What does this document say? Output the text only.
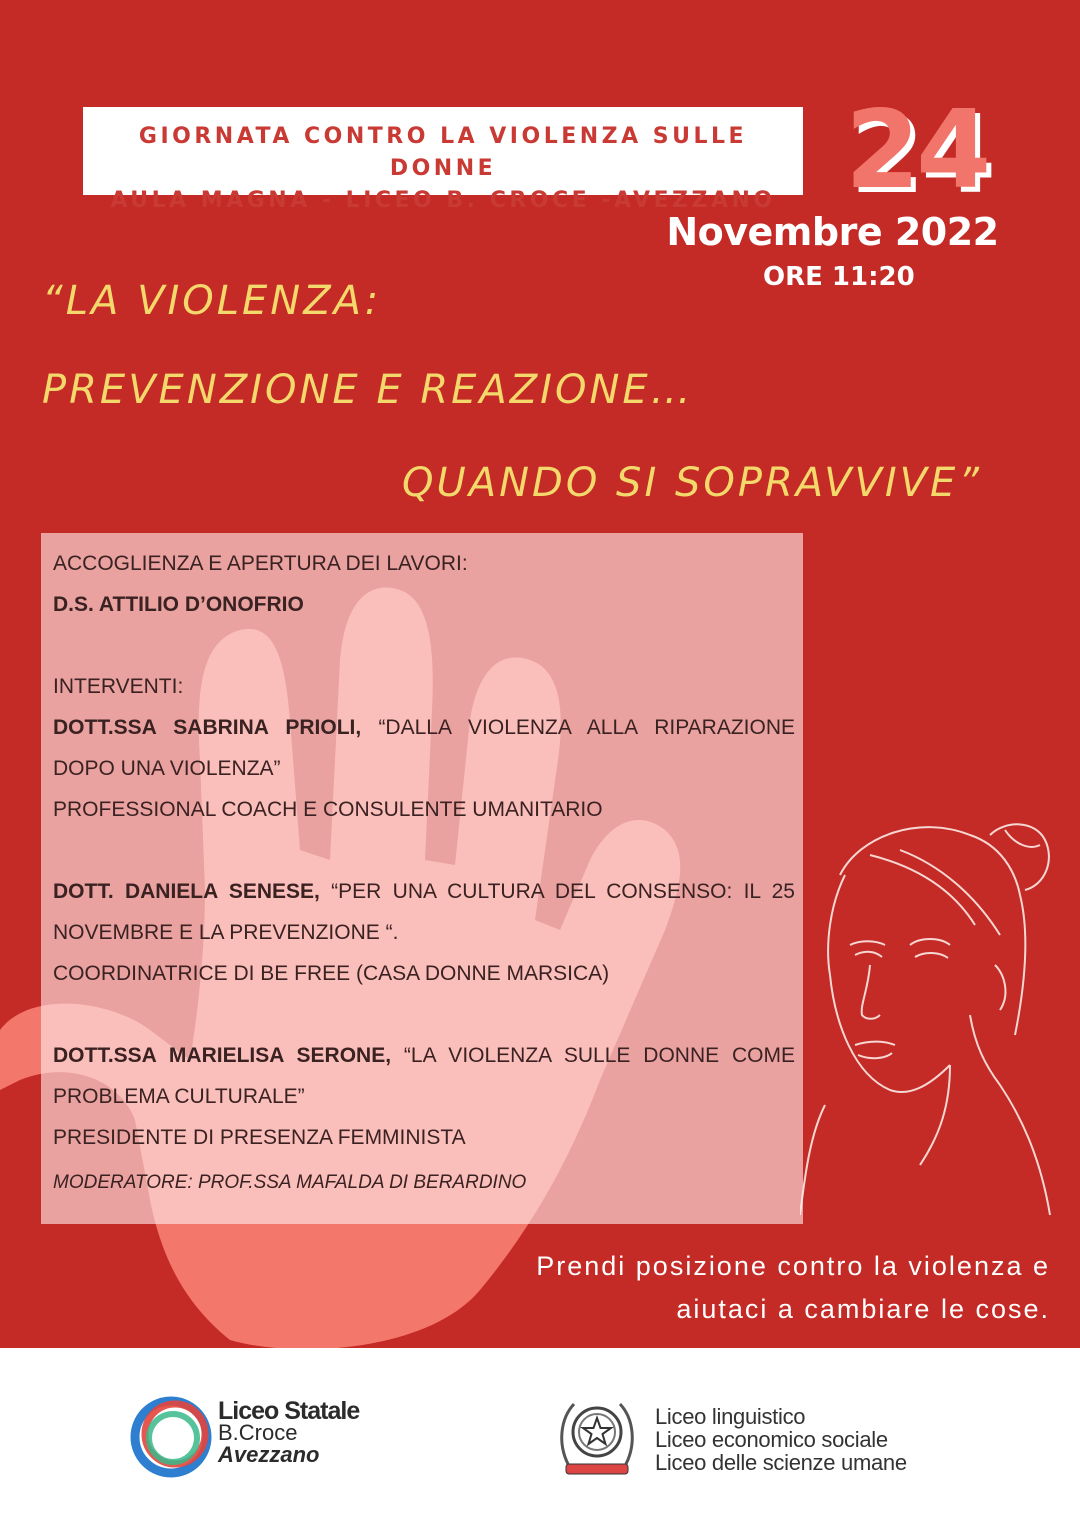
GIORNATA CONTRO LA VIOLENZA SULLE DONNE
AULA MAGNA - LICEO B. CROCE -AVEZZANO 24
Novembre 2022
ORE 11:20
“LA VIOLENZA:
PREVENZIONE E REAZIONE…
QUANDO SI SOPRAVVIVE”

ACCOGLIENZA E APERTURA DEI LAVORI:

D.S. ATTILIO D’ONOFRIO

INTERVENTI:

DOTT.SSA SABRINA PRIOLI, “DALLA VIOLENZA ALLA RIPARAZIONE

DOPO UNA VIOLENZA”

PROFESSIONAL COACH E CONSULENTE UMANITARIO

DOTT. DANIELA SENESE, “PER UNA CULTURA DEL CONSENSO: IL 25

NOVEMBRE E LA PREVENZIONE “.

COORDINATRICE DI BE FREE (CASA DONNE MARSICA)

DOTT.SSA MARIELISA SERONE, “LA VIOLENZA SULLE DONNE COME

PROBLEMA CULTURALE”

PRESIDENTE DI PRESENZA FEMMINISTA

MODERATORE: PROF.SSA MAFALDA DI BERARDINO

Prendi posizione contro la violenza e
aiutaci a cambiare le cose.
Liceo Statale
B.Croce
Avezzano
Liceo linguistico
Liceo economico sociale
Liceo delle scienze umane
